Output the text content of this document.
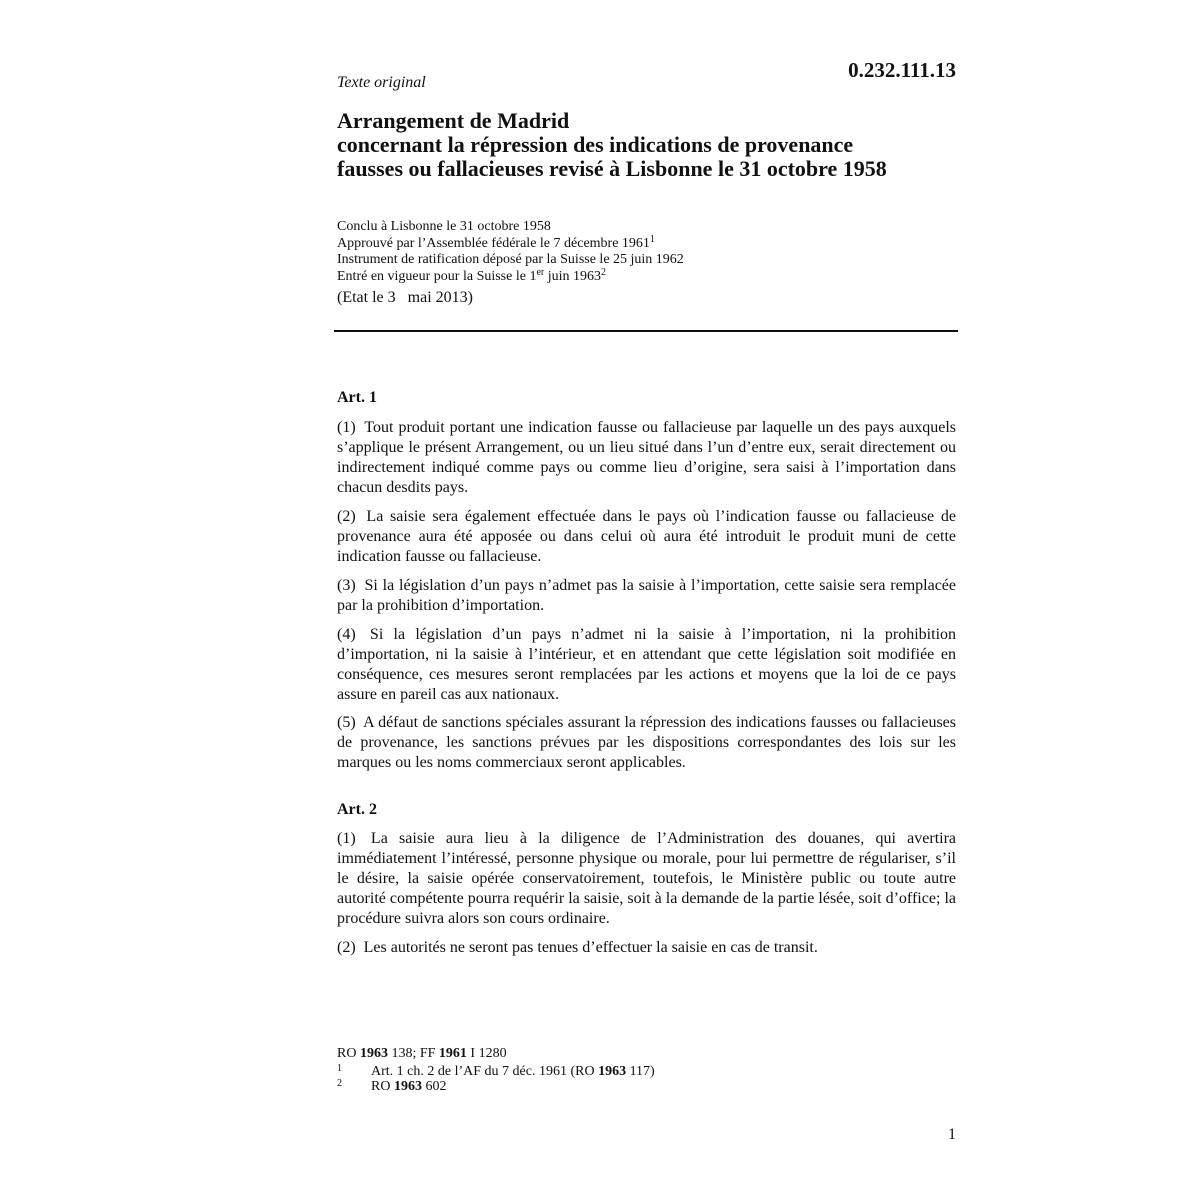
Texte original
0.232.111.13
Arrangement de Madrid
concernant la répression des indications de provenance
fausses ou fallacieuses revisé à Lisbonne le 31 octobre 1958
Conclu à Lisbonne le 31 octobre 1958
Approuvé par l’Assemblée fédérale le 7 décembre 1961$^1$
Instrument de ratification déposé par la Suisse le 25 juin 1962
Entré en vigueur pour la Suisse le 1er juin 1963$^2$
(Etat le 3   mai 2013)
Art. 1
(1) Tout produit portant une indication fausse ou fallacieuse par laquelle un des pays auxquels s’applique le présent Arrangement, ou un lieu situé dans l’un d’entre eux, serait directement ou indirectement indiqué comme pays ou comme lieu d’origine, sera saisi à l’importation dans chacun desdits pays.
(2) La saisie sera également effectuée dans le pays où l’indication fausse ou fallacieuse de provenance aura été apposée ou dans celui où aura été introduit le produit muni de cette indication fausse ou fallacieuse.
(3) Si la législation d’un pays n’admet pas la saisie à l’importation, cette saisie sera remplacée par la prohibition d’importation.
(4) Si la législation d’un pays n’admet ni la saisie à l’importation, ni la prohibition d’importation, ni la saisie à l’intérieur, et en attendant que cette législation soit modifiée en conséquence, ces mesures seront remplacées par les actions et moyens que la loi de ce pays assure en pareil cas aux nationaux.
(5) A défaut de sanctions spéciales assurant la répression des indications fausses ou fallacieuses de provenance, les sanctions prévues par les dispositions correspondantes des lois sur les marques ou les noms commerciaux seront applicables.
Art. 2
(1) La saisie aura lieu à la diligence de l’Administration des douanes, qui avertira immédiatement l’intéressé, personne physique ou morale, pour lui permettre de régulariser, s’il le désire, la saisie opérée conservatoirement, toutefois, le Ministère public ou toute autre autorité compétente pourra requérir la saisie, soit à la demande de la partie lésée, soit d’office; la procédure suivra alors son cours ordinaire.
(2) Les autorités ne seront pas tenues d’effectuer la saisie en cas de transit.
RO 1963 138; FF 1961 I 1280
1 Art. 1 ch. 2 de l’AF du 7 déc. 1961 (RO 1963 117)
2 RO 1963 602
1
